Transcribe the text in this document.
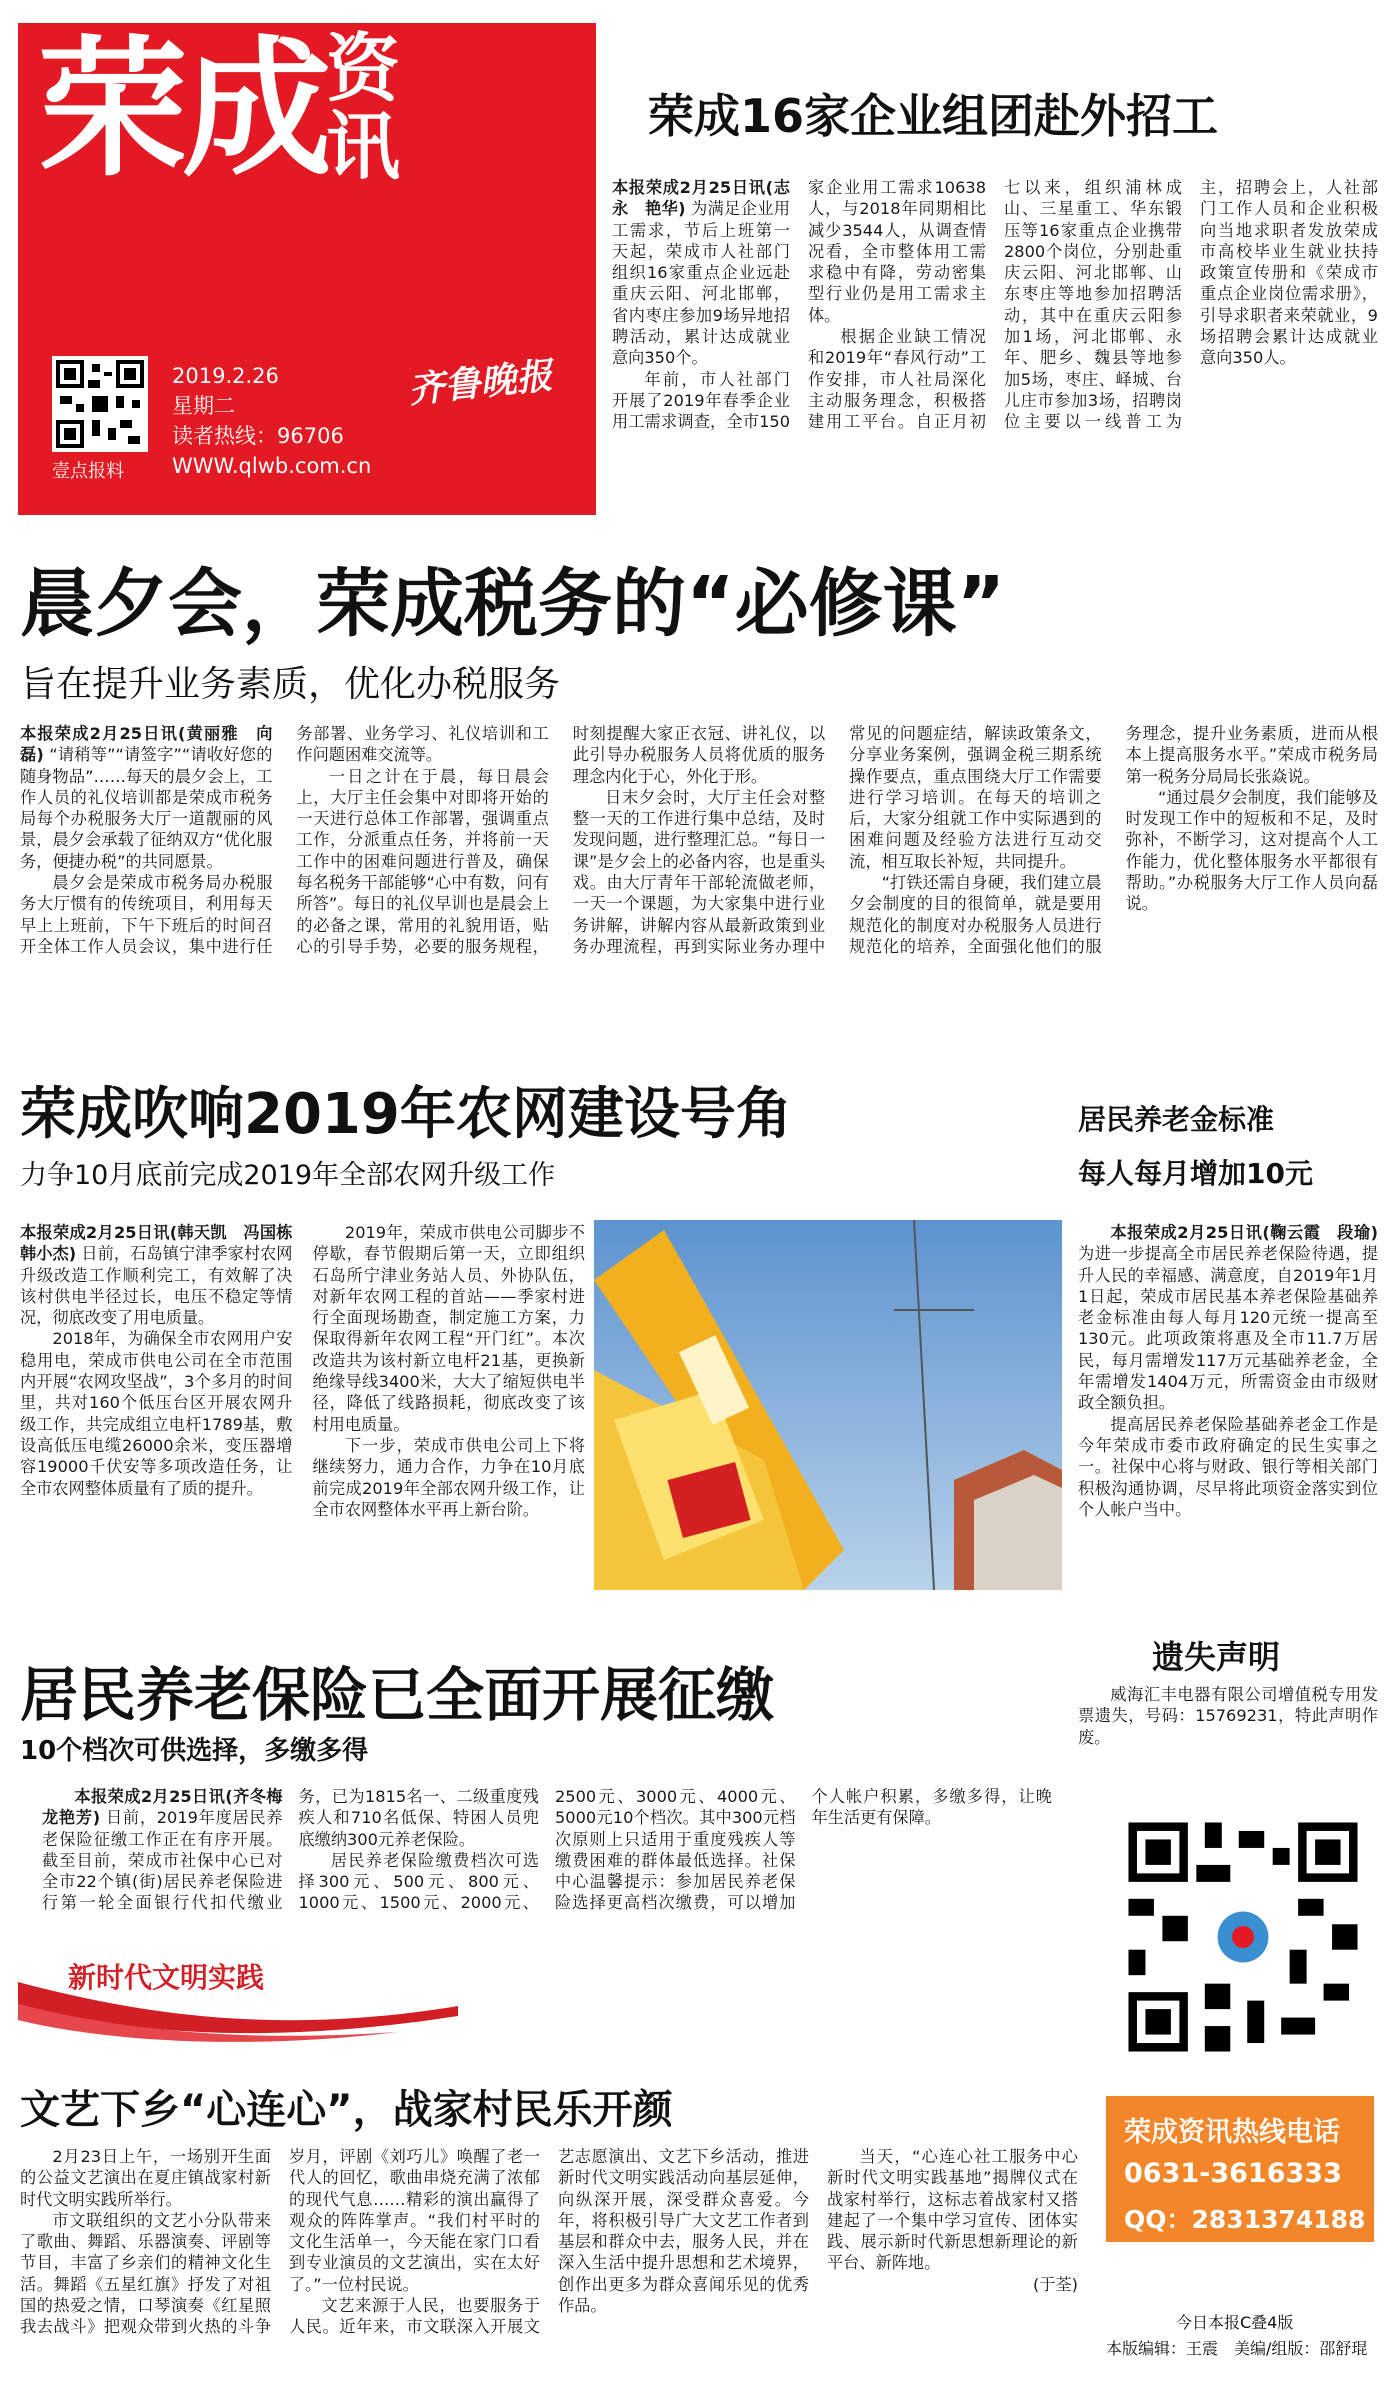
荣成资讯
壹点报料
2019.2.26
星期二
读者热线：96706
WWW.qlwb.com.cn
齐鲁晚报
荣成16家企业组团赴外招工

本报荣成2月25日讯(志永　艳华) 为满足企业用工需求，节后上班第一天起，荣成市人社部门组织16家重点企业远赴重庆云阳、河北邯郸，省内枣庄参加9场异地招聘活动，累计达成就业意向350个。

年前，市人社部门开展了2019年春季企业用工需求调查，全市150家企业用工需求10638人，与2018年同期相比减少3544人，从调查情况看，全市整体用工需求稳中有降，劳动密集型行业仍是用工需求主体。

根据企业缺工情况和2019年“春风行动”工作安排，市人社局深化主动服务理念，积极搭建用工平台。自正月初七以来，组织浦林成山、三星重工、华东锻压等16家重点企业携带2800个岗位，分别赴重庆云阳、河北邯郸、山东枣庄等地参加招聘活动，其中在重庆云阳参加1场，河北邯郸、永年、肥乡、魏县等地参加5场，枣庄、峄城、台儿庄市参加3场，招聘岗位主要以一线普工为主，招聘会上，人社部门工作人员和企业积极向当地求职者发放荣成市高校毕业生就业扶持政策宣传册和《荣成市重点企业岗位需求册》，引导求职者来荣就业，9场招聘会累计达成就业意向350人。

晨夕会，荣成税务的“必修课”
旨在提升业务素质，优化办税服务

本报荣成2月25日讯(黄丽雅　向磊) “请稍等”“请签字”“请收好您的随身物品”……每天的晨夕会上，工作人员的礼仪培训都是荣成市税务局每个办税服务大厅一道靓丽的风景，晨夕会承载了征纳双方“优化服务，便捷办税”的共同愿景。

晨夕会是荣成市税务局办税服务大厅惯有的传统项目，利用每天早上上班前，下午下班后的时间召开全体工作人员会议，集中进行任务部署、业务学习、礼仪培训和工作问题困难交流等。

一日之计在于晨，每日晨会上，大厅主任会集中对即将开始的一天进行总体工作部署，强调重点工作，分派重点任务，并将前一天工作中的困难问题进行普及，确保每名税务干部能够“心中有数，问有所答”。每日的礼仪早训也是晨会上的必备之课，常用的礼貌用语，贴心的引导手势，必要的服务规程，时刻提醒大家正衣冠、讲礼仪，以此引导办税服务人员将优质的服务理念内化于心，外化于形。

日末夕会时，大厅主任会对整整一天的工作进行集中总结，及时发现问题，进行整理汇总。“每日一课”是夕会上的必备内容，也是重头戏。由大厅青年干部轮流做老师，一天一个课题，为大家集中进行业务讲解，讲解内容从最新政策到业务办理流程，再到实际业务办理中常见的问题症结，解读政策条文，分享业务案例，强调金税三期系统操作要点，重点围绕大厅工作需要进行学习培训。在每天的培训之后，大家分组就工作中实际遇到的困难问题及经验方法进行互动交流，相互取长补短，共同提升。

“打铁还需自身硬，我们建立晨夕会制度的目的很简单，就是要用规范化的制度对办税服务人员进行规范化的培养，全面强化他们的服务理念，提升业务素质，进而从根本上提高服务水平。”荣成市税务局第一税务分局局长张焱说。

“通过晨夕会制度，我们能够及时发现工作中的短板和不足，及时弥补，不断学习，这对提高个人工作能力，优化整体服务水平都很有帮助。”办税服务大厅工作人员向磊说。

荣成吹响2019年农网建设号角
力争10月底前完成2019年全部农网升级工作

本报荣成2月25日讯(韩天凯　冯国栋　韩小杰) 日前，石岛镇宁津季家村农网升级改造工作顺利完工，有效解了决该村供电半径过长，电压不稳定等情况，彻底改变了用电质量。

2018年，为确保全市农网用户安稳用电，荣成市供电公司在全市范围内开展“农网攻坚战”，3个多月的时间里，共对160个低压台区开展农网升级工作，共完成组立电杆1789基，敷设高低压电缆26000余米，变压器增容19000千伏安等多项改造任务，让全市农网整体质量有了质的提升。

2019年，荣成市供电公司脚步不停歇，春节假期后第一天，立即组织石岛所宁津业务站人员、外协队伍，对新年农网工程的首站——季家村进行全面现场勘查，制定施工方案，力保取得新年农网工程“开门红”。本次改造共为该村新立电杆21基，更换新绝缘导线3400米，大大了缩短供电半径，降低了线路损耗，彻底改变了该村用电质量。

下一步，荣成市供电公司上下将继续努力，通力合作，力争在10月底前完成2019年全部农网升级工作，让全市农网整体水平再上新台阶。

居民养老金标准
每人每月增加10元

本报荣成2月25日讯(鞠云霞　段瑜) 为进一步提高全市居民养老保险待遇，提升人民的幸福感、满意度，自2019年1月1日起，荣成市居民基本养老保险基础养老金标准由每人每月120元统一提高至130元。此项政策将惠及全市11.7万居民，每月需增发117万元基础养老金，全年需增发1404万元，所需资金由市级财政全额负担。

提高居民养老保险基础养老金工作是今年荣成市委市政府确定的民生实事之一。社保中心将与财政、银行等相关部门积极沟通协调，尽早将此项资金落实到位个人帐户当中。

遗失声明

威海汇丰电器有限公司增值税专用发票遗失，号码：15769231，特此声明作废。

居民养老保险已全面开展征缴
10个档次可供选择，多缴多得

本报荣成2月25日讯(齐冬梅　龙艳芳) 日前，2019年度居民养老保险征缴工作正在有序开展。截至目前，荣成市社保中心已对全市22个镇(街)居民养老保险进行第一轮全面银行代扣代缴业务，已为1815名一、二级重度残疾人和710名低保、特困人员兜底缴纳300元养老保险。

居民养老保险缴费档次可选择300元、500元、800元、1000元、1500元、2000元、2500元、3000元、4000元、5000元10个档次。其中300元档次原则上只适用于重度残疾人等缴费困难的群体最低选择。社保中心温馨提示：参加居民养老保险选择更高档次缴费，可以增加个人帐户积累，多缴多得，让晚年生活更有保障。

新时代文明实践
文艺下乡“心连心”，战家村民乐开颜

2月23日上午，一场别开生面的公益文艺演出在夏庄镇战家村新时代文明实践所举行。

市文联组织的文艺小分队带来了歌曲、舞蹈、乐器演奏、评剧等节目，丰富了乡亲们的精神文化生活。舞蹈《五星红旗》抒发了对祖国的热爱之情，口琴演奏《红星照我去战斗》把观众带到火热的斗争岁月，评剧《刘巧儿》唤醒了老一代人的回忆，歌曲串烧充满了浓郁的现代气息……精彩的演出赢得了观众的阵阵掌声。“我们村平时的文化生活单一，今天能在家门口看到专业演员的文艺演出，实在太好了。”一位村民说。

文艺来源于人民，也要服务于人民。近年来，市文联深入开展文艺志愿演出、文艺下乡活动，推进新时代文明实践活动向基层延伸，向纵深开展，深受群众喜爱。今年，将积极引导广大文艺工作者到基层和群众中去，服务人民，并在深入生活中提升思想和艺术境界，创作出更多为群众喜闻乐见的优秀作品。

当天，“心连心社工服务中心新时代文明实践基地”揭牌仪式在战家村举行，这标志着战家村又搭建起了一个集中学习宣传、团体实践、展示新时代新思想新理论的新平台、新阵地。

(于荃)

荣成资讯热线电话
0631-3616333
QQ：2831374188
今日本报C叠4版
本版编辑：王震　美编/组版：邵舒琨
